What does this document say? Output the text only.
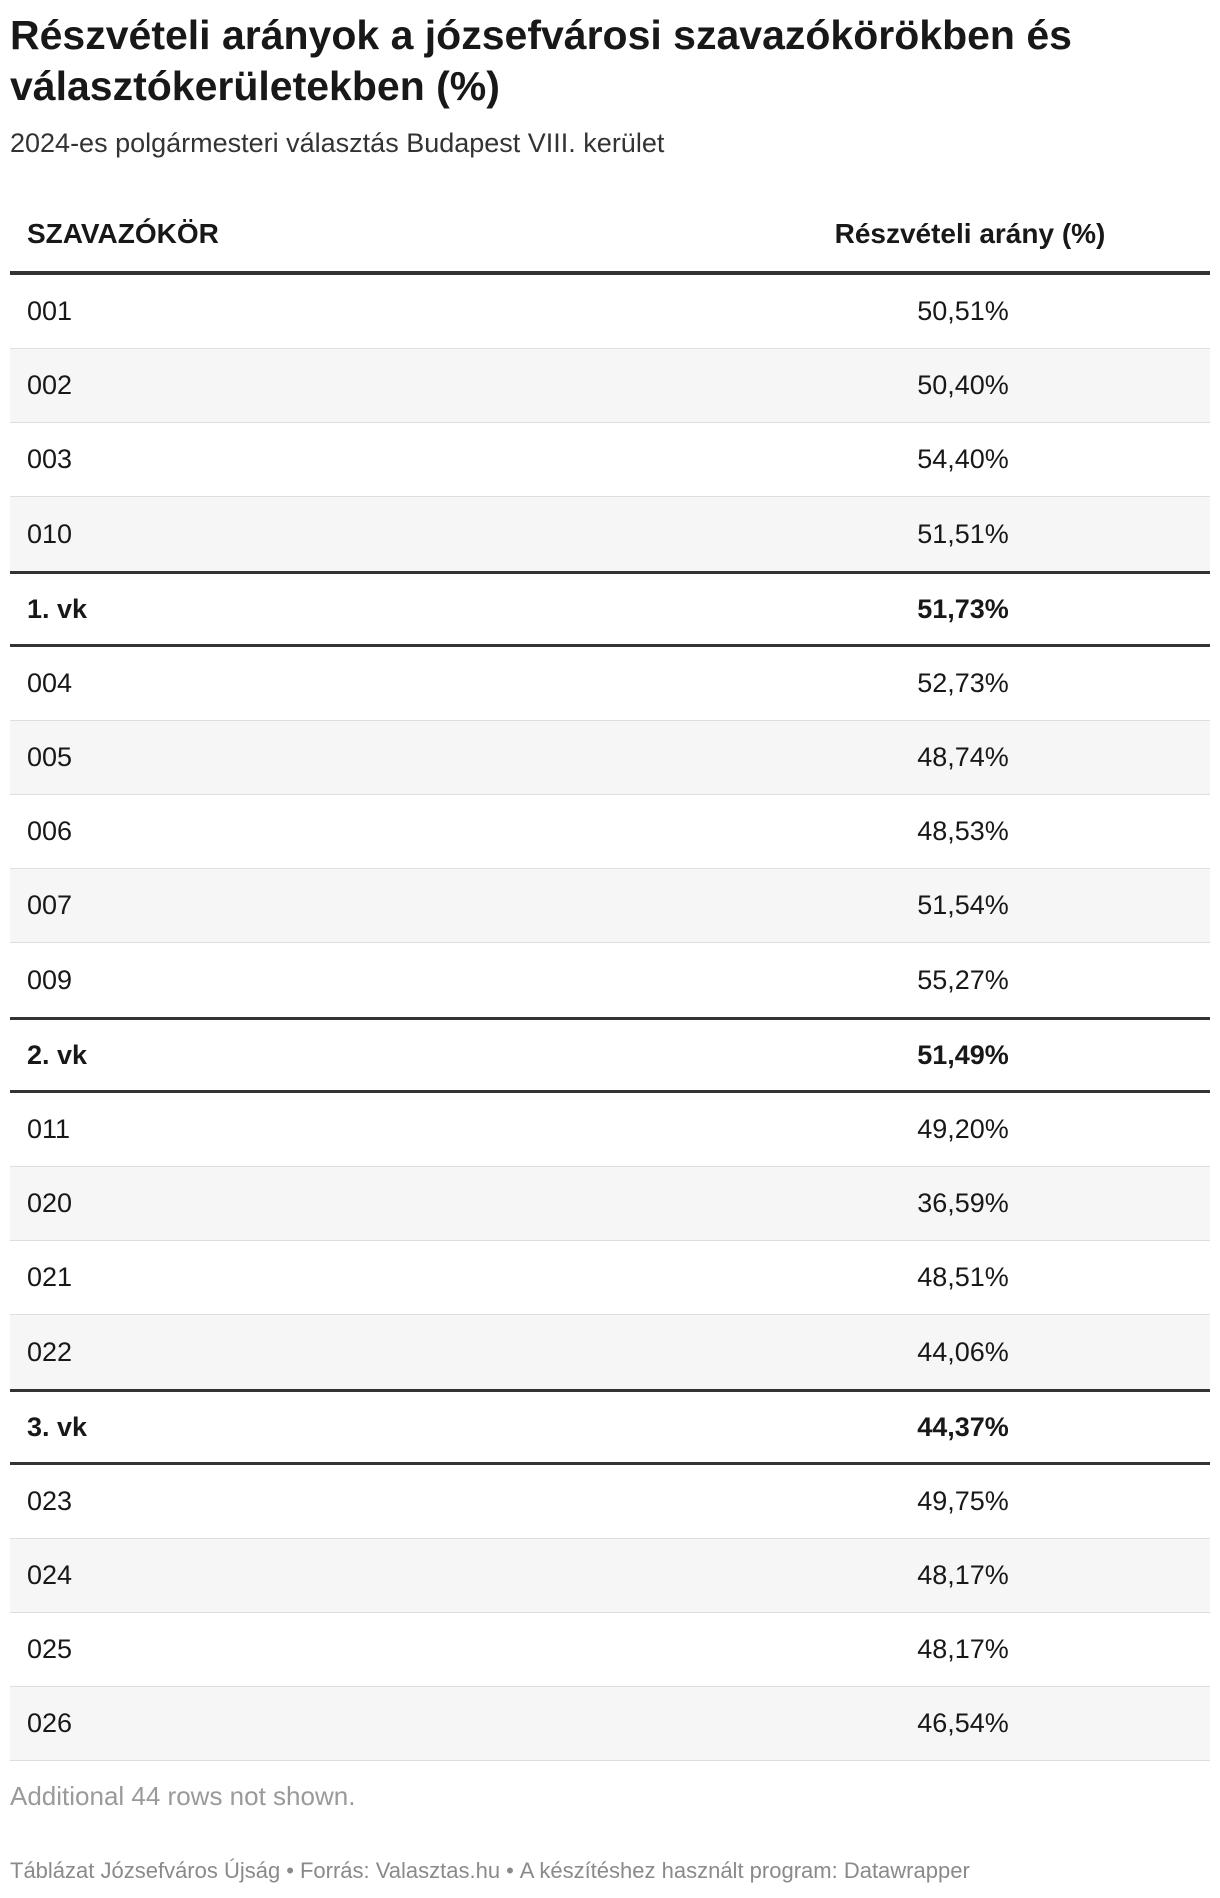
Részvételi arányok a józsefvárosi szavazókörökben és választókerületekben (%)

2024-es polgármesteri választás Budapest VIII. kerület

SZAVAZÓKÖR	Részvételi arány (%)
001	50,51%
002	50,40%
003	54,40%
010	51,51%
1. vk	51,73%
004	52,73%
005	48,74%
006	48,53%
007	51,54%
009	55,27%
2. vk	51,49%
011	49,20%
020	36,59%
021	48,51%
022	44,06%
3. vk	44,37%
023	49,75%
024	48,17%
025	48,17%
026	46,54%
Additional 44 rows not shown.
Táblázat Józsefváros Újság • Forrás: Valasztas.hu • A készítéshez használt program: Datawrapper
